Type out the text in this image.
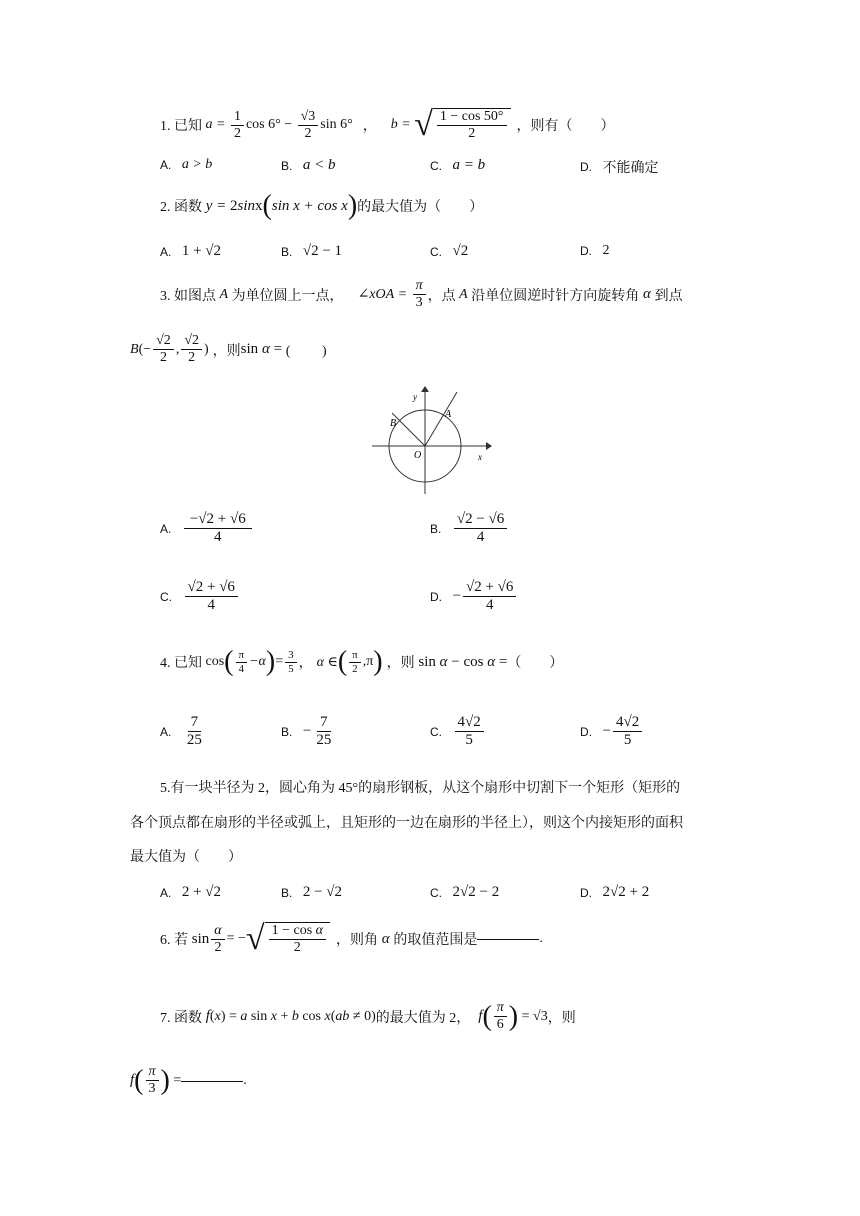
1. 已知 $a = \frac{1}{2}$ $\cos 6^\circ - \frac{√3}{2}$ sin 6° ， b = √ $\frac{1 - \cos 50^\circ}{2}$ ，则有（　　）
A.
a > b	B.
a < b	C.
a = b	D.
不能确定
2. 函数 y = 2sinx ( sin x + cos x ) 的最大值为（　　）
A.
1 + √2	B.
√2 − 1	C.
√2	D.
2
3. 如图点 A 为单位圆上一点， ∠xOA = $\frac{\pi}{3}$ ，点 A 沿单位圆逆时针方向旋转角 α 到点
B (− $\frac{√2}{2}$ , $\frac{√2}{2}$ ) ，则 sin α = ( 　　)
y
x
O
A
B
A.
$\frac{-√2 + √6}{4}$	B.
$\frac{√2 - √6}{4}$
C.
$\frac{√2 + √6}{4}$	D.
− $\frac{√2 + √6}{4}$
4. 已知 cos ( $\frac{\pi}{4} -\alpha$ ) = $\frac{3}{5}$ ， α ∈ ( $\frac{\pi}{2} ,\pi$ ) ，则 sin α − cos α = （　　）
A.
$\frac{7}{25}$	B.
− $\frac{7}{25}$	C.
$\frac{4√2}{5}$	D.
− $\frac{4√2}{5}$
5.有一块半径为 2，圆心角为 45°的扇形钢板，从这个扇形中切割下一个矩形（矩形的
各个顶点都在扇形的半径或弧上，且矩形的一边在扇形的半径上），则这个内接矩形的面积
最大值为（　　）
A.
2 + √2	B.
2 − √2	C.
2√2 − 2	D.
2√2 + 2
6. 若 $\sin \frac{\alpha}{2}$ = − √ $\frac{\text{1 − cos α}}{2}$ ，则角 α 的取值范围是	.
7. 函数 f ( x ) = a sin x + b cos x ( ab ≠ 0) 的最大值为 2， f ( $\frac{\pi}{6}$ ) = √3 ，则
f ( $\frac{\pi}{3}$ ) =	.
